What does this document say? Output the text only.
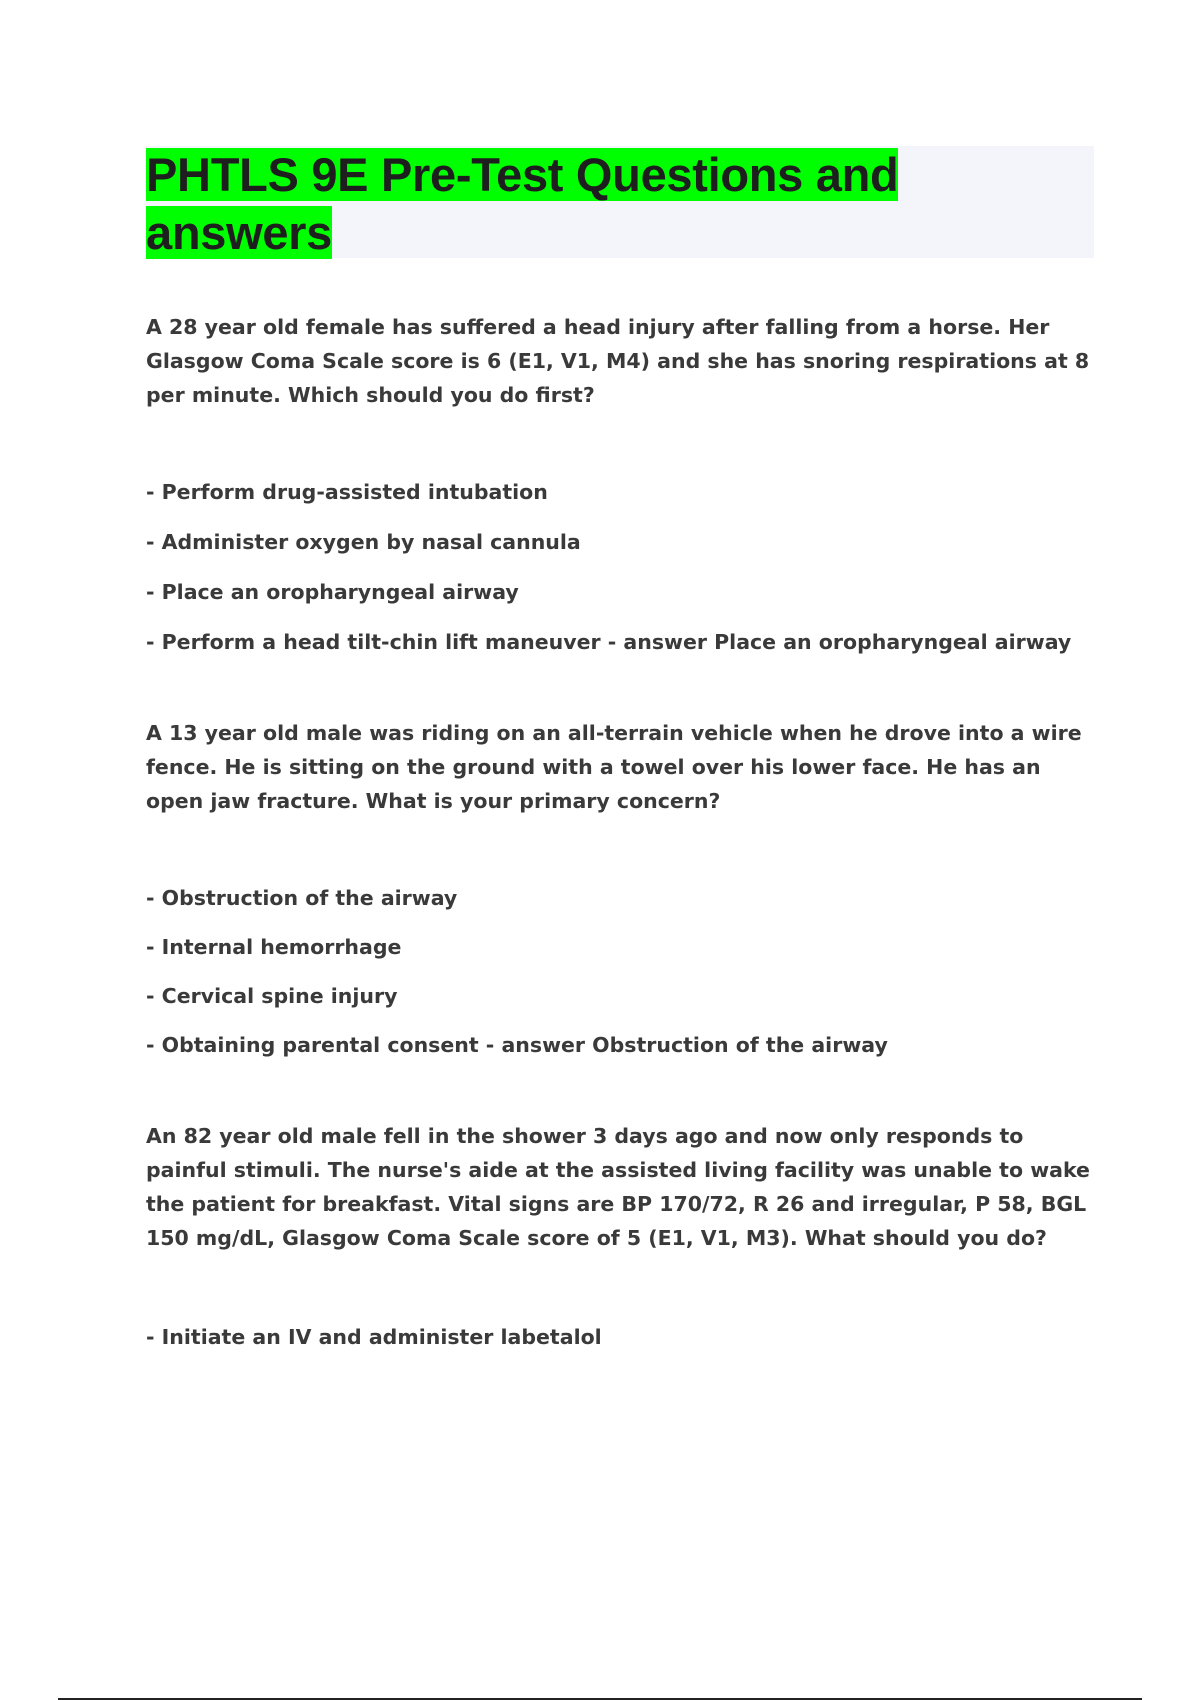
PHTLS 9E Pre-Test Questions and answers

A 28 year old female has suffered a head injury after falling from a horse. Her Glasgow Coma Scale score is 6 (E1, V1, M4) and she has snoring respirations at 8 per minute. Which should you do first?

- Perform drug-assisted intubation
- Administer oxygen by nasal cannula
- Place an oropharyngeal airway
- Perform a head tilt-chin lift maneuver - answer Place an oropharyngeal airway

A 13 year old male was riding on an all-terrain vehicle when he drove into a wire fence. He is sitting on the ground with a towel over his lower face. He has an open jaw fracture. What is your primary concern?

- Obstruction of the airway
- Internal hemorrhage
- Cervical spine injury
- Obtaining parental consent - answer Obstruction of the airway

An 82 year old male fell in the shower 3 days ago and now only responds to painful stimuli. The nurse's aide at the assisted living facility was unable to wake the patient for breakfast. Vital signs are BP 170/72, R 26 and irregular, P 58, BGL 150 mg/dL, Glasgow Coma Scale score of 5 (E1, V1, M3). What should you do?

- Initiate an IV and administer labetalol
